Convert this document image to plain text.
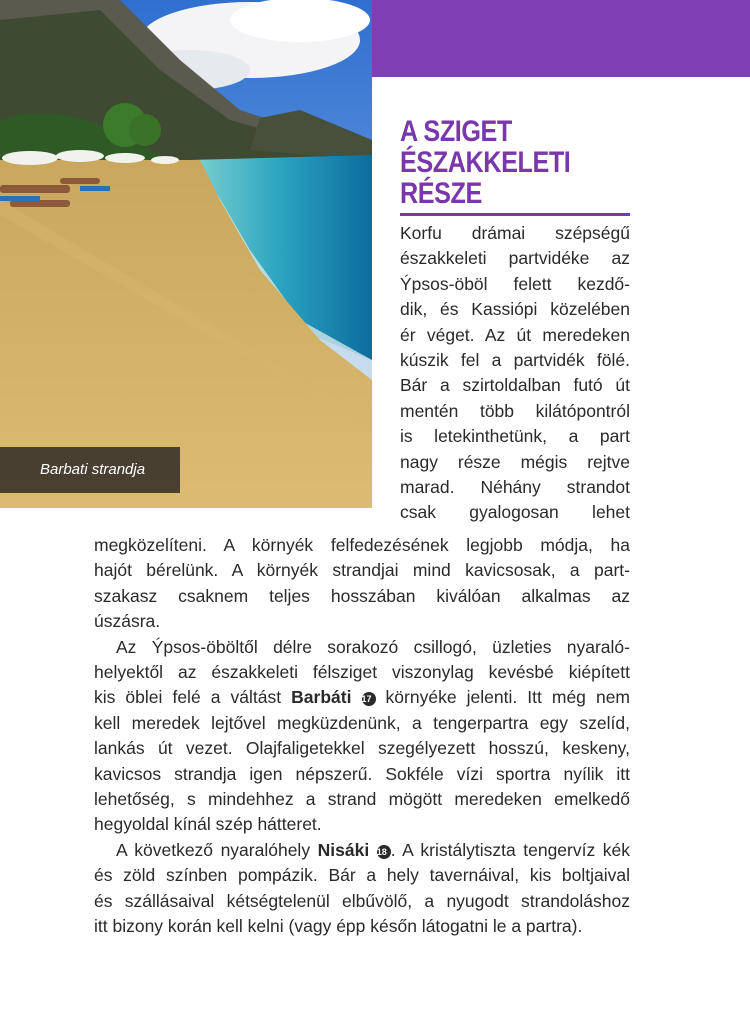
Barbati strandja
A SZIGET
ÉSZAKKELETI
RÉSZE
Korfu drámai szépségű
északkeleti partvidéke az
Ýpsos-öböl felett kezdő-
dik, és Kassiópi közelében
ér véget. Az út meredeken
kúszik fel a partvidék fölé.
Bár a szirtoldalban futó út
mentén több kilátópontról
is letekinthetünk, a part
nagy része mégis rejtve
marad. Néhány strandot
csak gyalogosan lehet
megközelíteni. A környék felfedezésének legjobb módja, ha
hajót bérelünk. A környék strandjai mind kavicsosak, a part-
szakasz csaknem teljes hosszában kiválóan alkalmas az
úszásra.
Az Ýpsos-öböltől délre sorakozó csillogó, üzleties nyaraló-
helyektől az északkeleti félsziget viszonylag kevésbé kiépített
kis öblei felé a váltást Barbáti 17 környéke jelenti. Itt még nem
kell meredek lejtővel megküzdenünk, a tengerpartra egy szelíd,
lankás út vezet. Olajfaligetekkel szegélyezett hosszú, keskeny,
kavicsos strandja igen népszerű. Sokféle vízi sportra nyílik itt
lehetőség, s mindehhez a strand mögött meredeken emelkedő
hegyoldal kínál szép hátteret.
A következő nyaralóhely Nisáki 18 . A kristálytiszta tengervíz kék
és zöld színben pompázik. Bár a hely tavernáival, kis boltjaival
és szállásaival kétségtelenül elbűvölő, a nyugodt strandoláshoz
itt bizony korán kell kelni (vagy épp későn látogatni le a partra).
